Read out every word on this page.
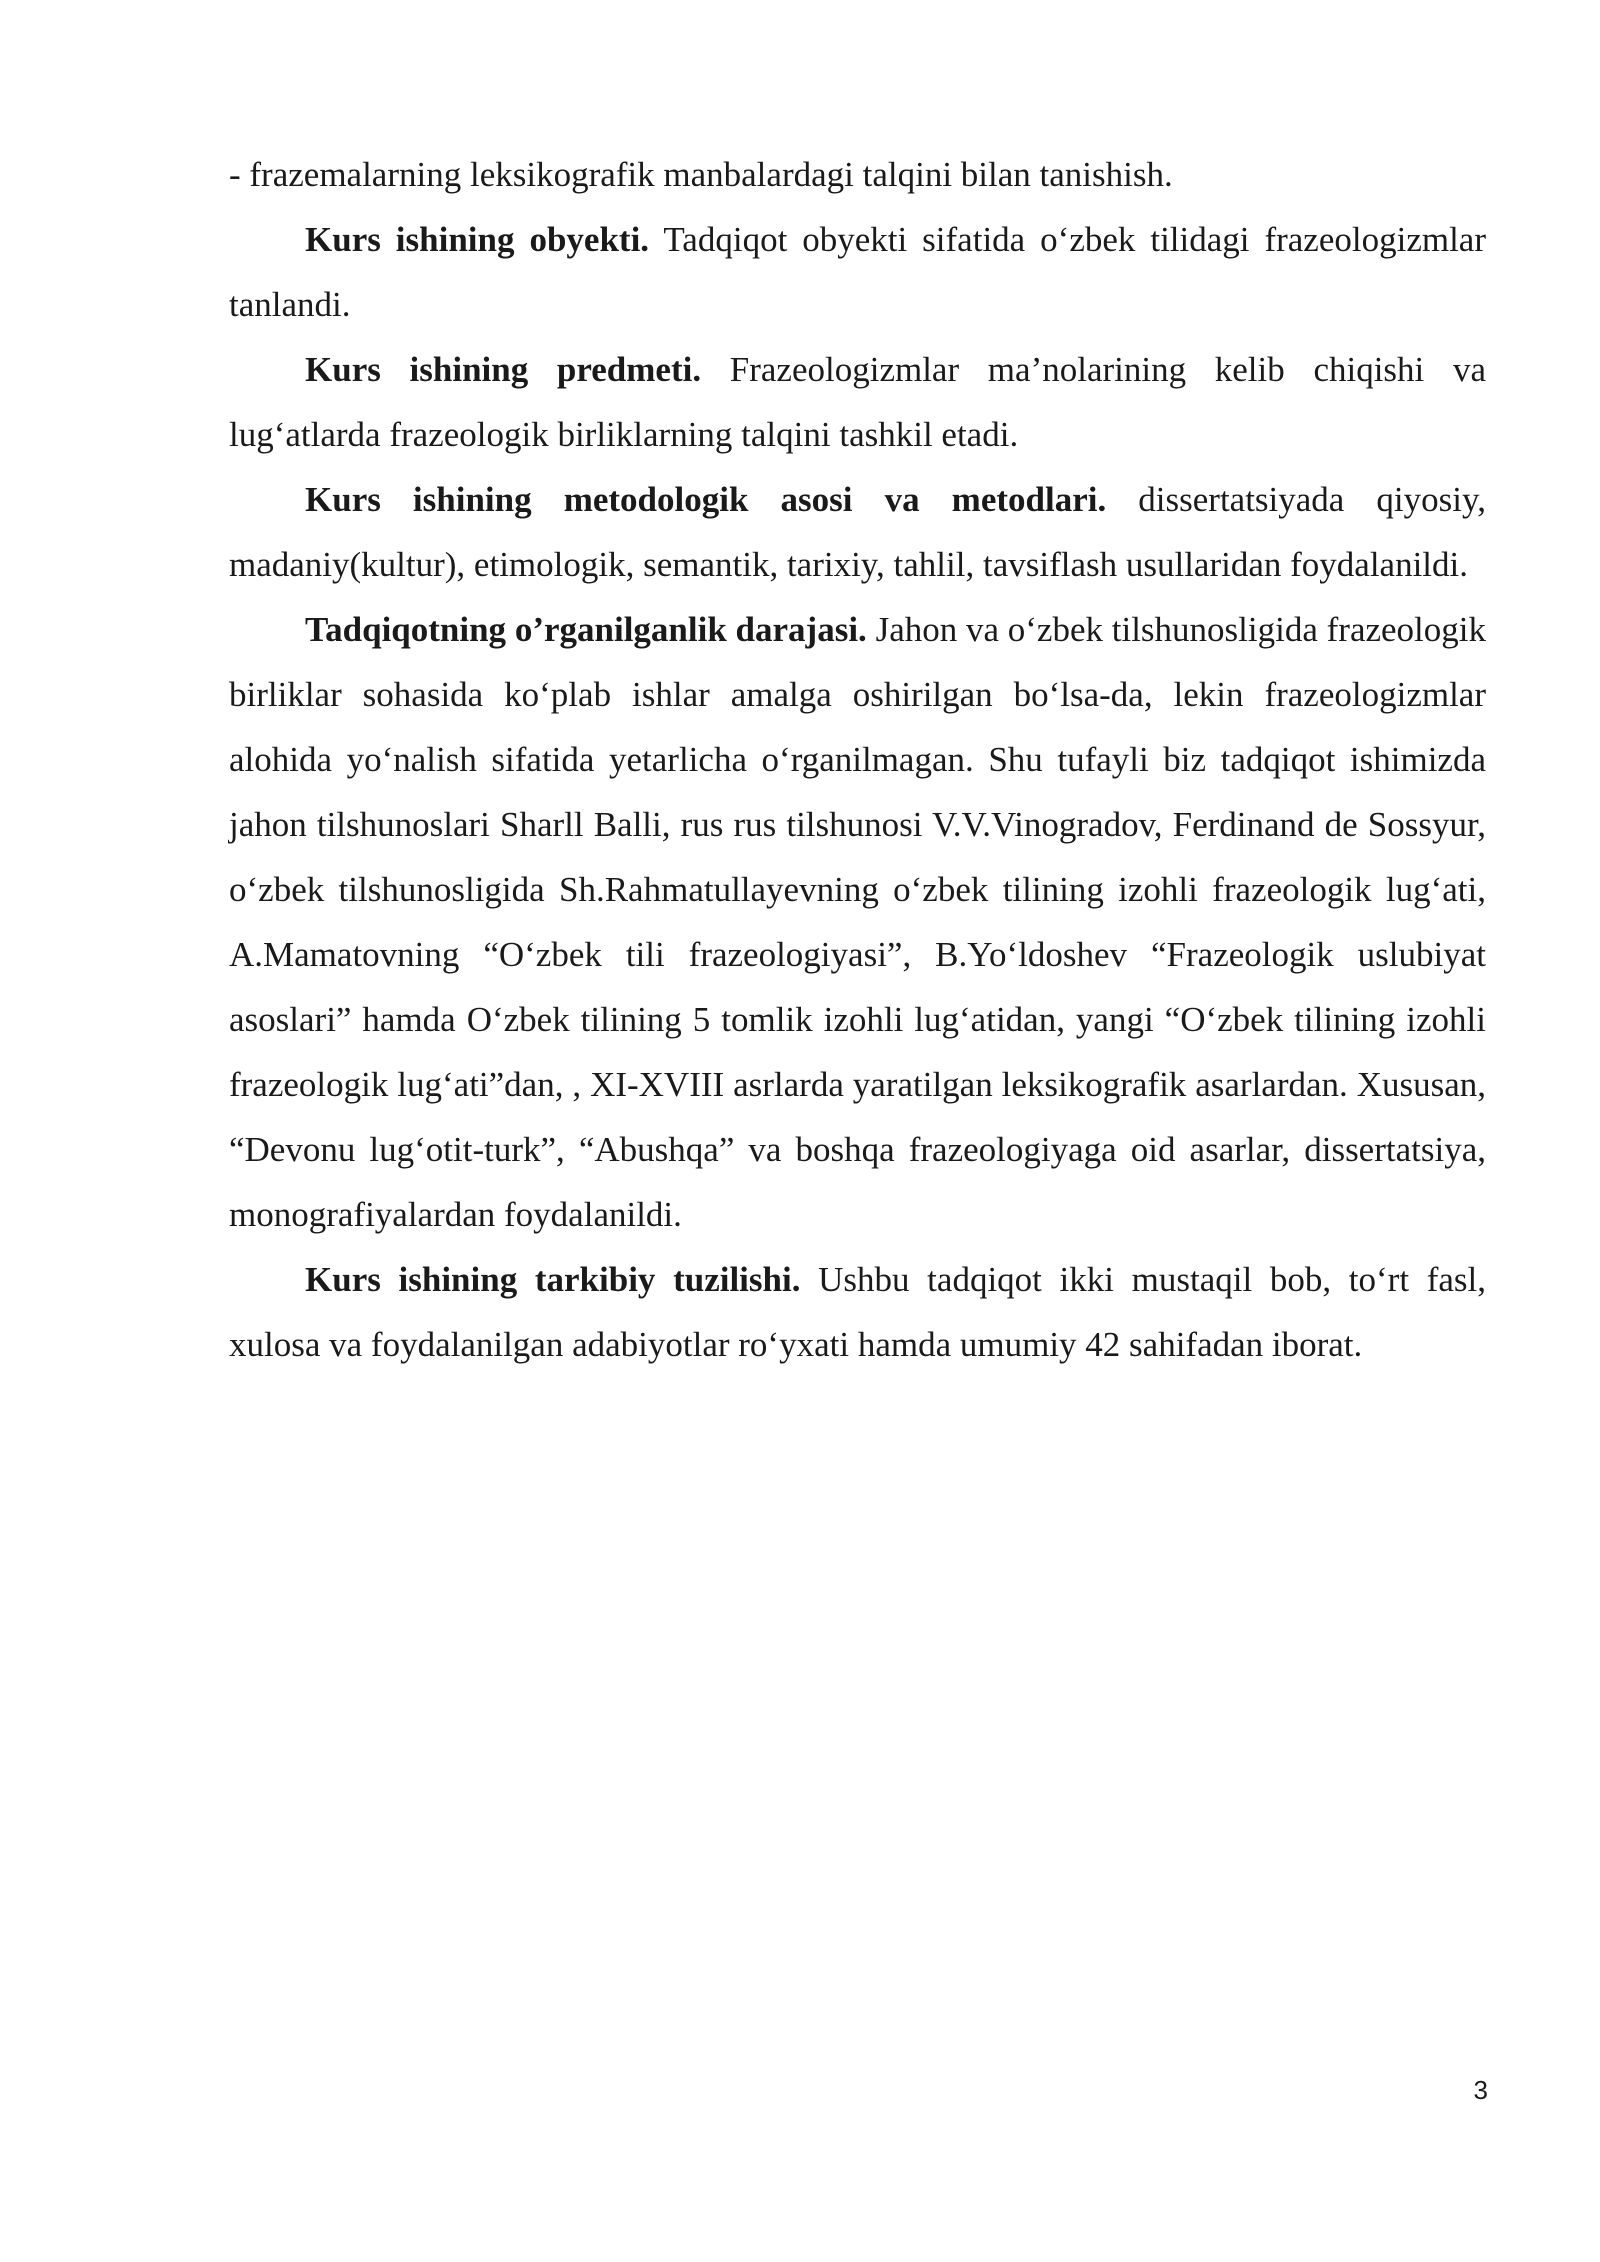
- frazemalarning leksikografik manbalardagi talqini bilan tanishish.

Kurs ishining obyekti. Tadqiqot obyekti sifatida o‘zbek tilidagi frazeologizmlar tanlandi.

Kurs ishining predmeti. Frazeologizmlar ma’nolarining kelib chiqishi va lug‘atlarda frazeologik birliklarning talqini tashkil etadi.

Kurs ishining metodologik asosi va metodlari. dissertatsiyada qiyosiy, madaniy(kultur), etimologik, semantik, tarixiy, tahlil, tavsiflash usullaridan foydalanildi.

Tadqiqotning o’rganilganlik darajasi. Jahon va o‘zbek tilshunosligida frazeologik birliklar sohasida ko‘plab ishlar amalga oshirilgan bo‘lsa-da, lekin frazeologizmlar alohida yo‘nalish sifatida yetarlicha o‘rganilmagan. Shu tufayli biz tadqiqot ishimizda jahon tilshunoslari Sharll Balli, rus rus tilshunosi V.V.Vinogradov, Ferdinand de Sossyur, o‘zbek tilshunosligida Sh.Rahmatullayevning o‘zbek tilining izohli frazeologik lug‘ati, A.Mamatovning “O‘zbek tili frazeologiyasi”, B.Yo‘ldoshev “Frazeologik uslubiyat asoslari” hamda O‘zbek tilining 5 tomlik izohli lug‘atidan, yangi “O‘zbek tilining izohli frazeologik lug‘ati”dan, , XI-XVIII asrlarda yaratilgan leksikografik asarlardan. Xususan, “Devonu lug‘otit-turk”, “Abushqa” va boshqa frazeologiyaga oid asarlar, dissertatsiya, monografiyalardan foydalanildi.

Kurs ishining tarkibiy tuzilishi. Ushbu tadqiqot ikki mustaqil bob, to‘rt fasl, xulosa va foydalanilgan adabiyotlar ro‘yxati hamda umumiy 42 sahifadan iborat.

3
